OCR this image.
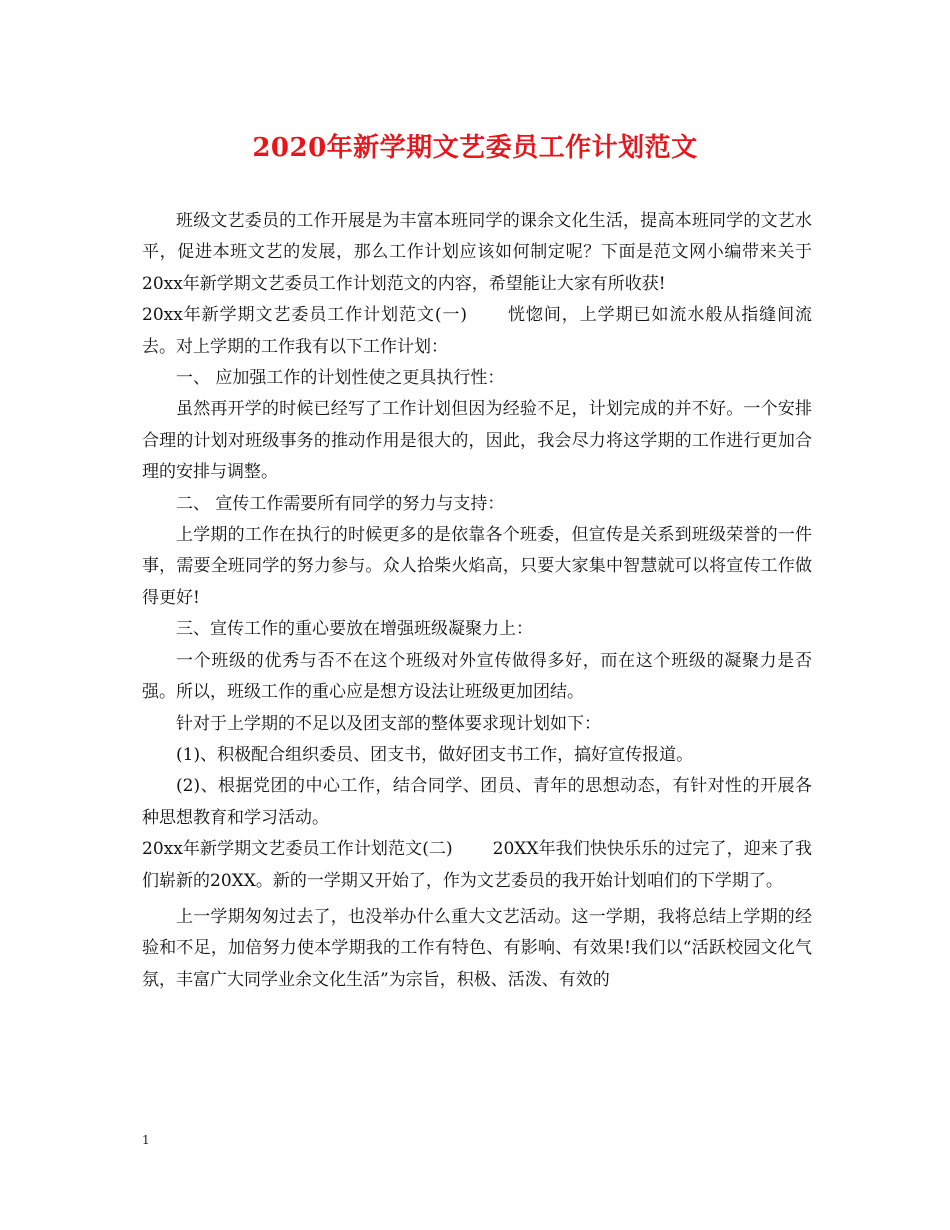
2020年新学期文艺委员工作计划范文

班级文艺委员的工作开展是为丰富本班同学的课余文化生活，提高本班同学的文艺水平，促进本班文艺的发展，那么工作计划应该如何制定呢？下面是范文网小编带来关于20xx年新学期文艺委员工作计划范文的内容，希望能让大家有所收获!

20xx年新学期文艺委员工作计划范文(一) 恍惚间，上学期已如流水般从指缝间流去。对上学期的工作我有以下工作计划：

一、 应加强工作的计划性使之更具执行性：

虽然再开学的时候已经写了工作计划但因为经验不足，计划完成的并不好。一个安排合理的计划对班级事务的推动作用是很大的，因此，我会尽力将这学期的工作进行更加合理的安排与调整。

二、 宣传工作需要所有同学的努力与支持：

上学期的工作在执行的时候更多的是依靠各个班委，但宣传是关系到班级荣誉的一件事，需要全班同学的努力参与。众人拾柴火焰高，只要大家集中智慧就可以将宣传工作做得更好!

三、宣传工作的重心要放在增强班级凝聚力上：

一个班级的优秀与否不在这个班级对外宣传做得多好，而在这个班级的凝聚力是否强。所以，班级工作的重心应是想方设法让班级更加团结。

针对于上学期的不足以及团支部的整体要求现计划如下：

(1)、积极配合组织委员、团支书，做好团支书工作，搞好宣传报道。

(2)、根据党团的中心工作，结合同学、团员、青年的思想动态，有针对性的开展各种思想教育和学习活动。

20xx年新学期文艺委员工作计划范文(二) 20XX年我们快快乐乐的过完了，迎来了我们崭新的20XX。新的一学期又开始了，作为文艺委员的我开始计划咱们的下学期了。

上一学期匆匆过去了，也没举办什么重大文艺活动。这一学期，我将总结上学期的经验和不足，加倍努力使本学期我的工作有特色、有影响、有效果!我们以“活跃校园文化气氛，丰富广大同学业余文化生活”为宗旨，积极、活泼、有效的

1
